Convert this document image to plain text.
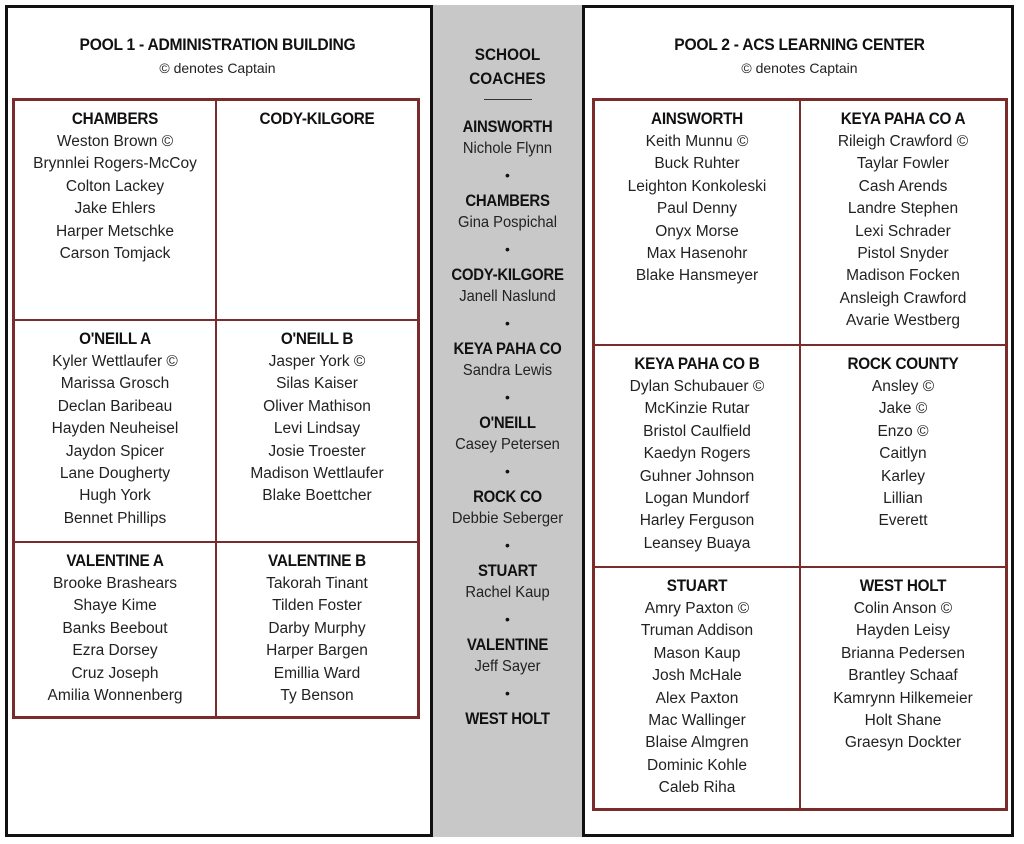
POOL 1 - ADMINISTRATION BUILDING
© denotes Captain
CHAMBERS
Weston Brown ©
Brynnlei Rogers-McCoy
Colton Lackey
Jake Ehlers
Harper Metschke
Carson Tomjack
CODY-KILGORE
O'NEILL A
Kyler Wettlaufer ©
Marissa Grosch
Declan Baribeau
Hayden Neuheisel
Jaydon Spicer
Lane Dougherty
Hugh York
Bennet Phillips
O'NEILL B
Jasper York ©
Silas Kaiser
Oliver Mathison
Levi Lindsay
Josie Troester
Madison Wettlaufer
Blake Boettcher
VALENTINE A
Brooke Brashears
Shaye Kime
Banks Beebout
Ezra Dorsey
Cruz Joseph
Amilia Wonnenberg
VALENTINE B
Takorah Tinant
Tilden Foster
Darby Murphy
Harper Bargen
Emillia Ward
Ty Benson
SCHOOL
COACHES
AINSWORTH
Nichole Flynn
•
CHAMBERS
Gina Pospichal
•
CODY-KILGORE
Janell Naslund
•
KEYA PAHA CO
Sandra Lewis
•
O'NEILL
Casey Petersen
•
ROCK CO
Debbie Seberger
•
STUART
Rachel Kaup
•
VALENTINE
Jeff Sayer
•
WEST HOLT
POOL 2 - ACS LEARNING CENTER
© denotes Captain
AINSWORTH
Keith Munnu ©
Buck Ruhter
Leighton Konkoleski
Paul Denny
Onyx Morse
Max Hasenohr
Blake Hansmeyer
KEYA PAHA CO A
Rileigh Crawford ©
Taylar Fowler
Cash Arends
Landre Stephen
Lexi Schrader
Pistol Snyder
Madison Focken
Ansleigh Crawford
Avarie Westberg
KEYA PAHA CO B
Dylan Schubauer ©
McKinzie Rutar
Bristol Caulfield
Kaedyn Rogers
Guhner Johnson
Logan Mundorf
Harley Ferguson
Leansey Buaya
ROCK COUNTY
Ansley ©
Jake ©
Enzo ©
Caitlyn
Karley
Lillian
Everett
STUART
Amry Paxton ©
Truman Addison
Mason Kaup
Josh McHale
Alex Paxton
Mac Wallinger
Blaise Almgren
Dominic Kohle
Caleb Riha
WEST HOLT
Colin Anson ©
Hayden Leisy
Brianna Pedersen
Brantley Schaaf
Kamrynn Hilkemeier
Holt Shane
Graesyn Dockter
